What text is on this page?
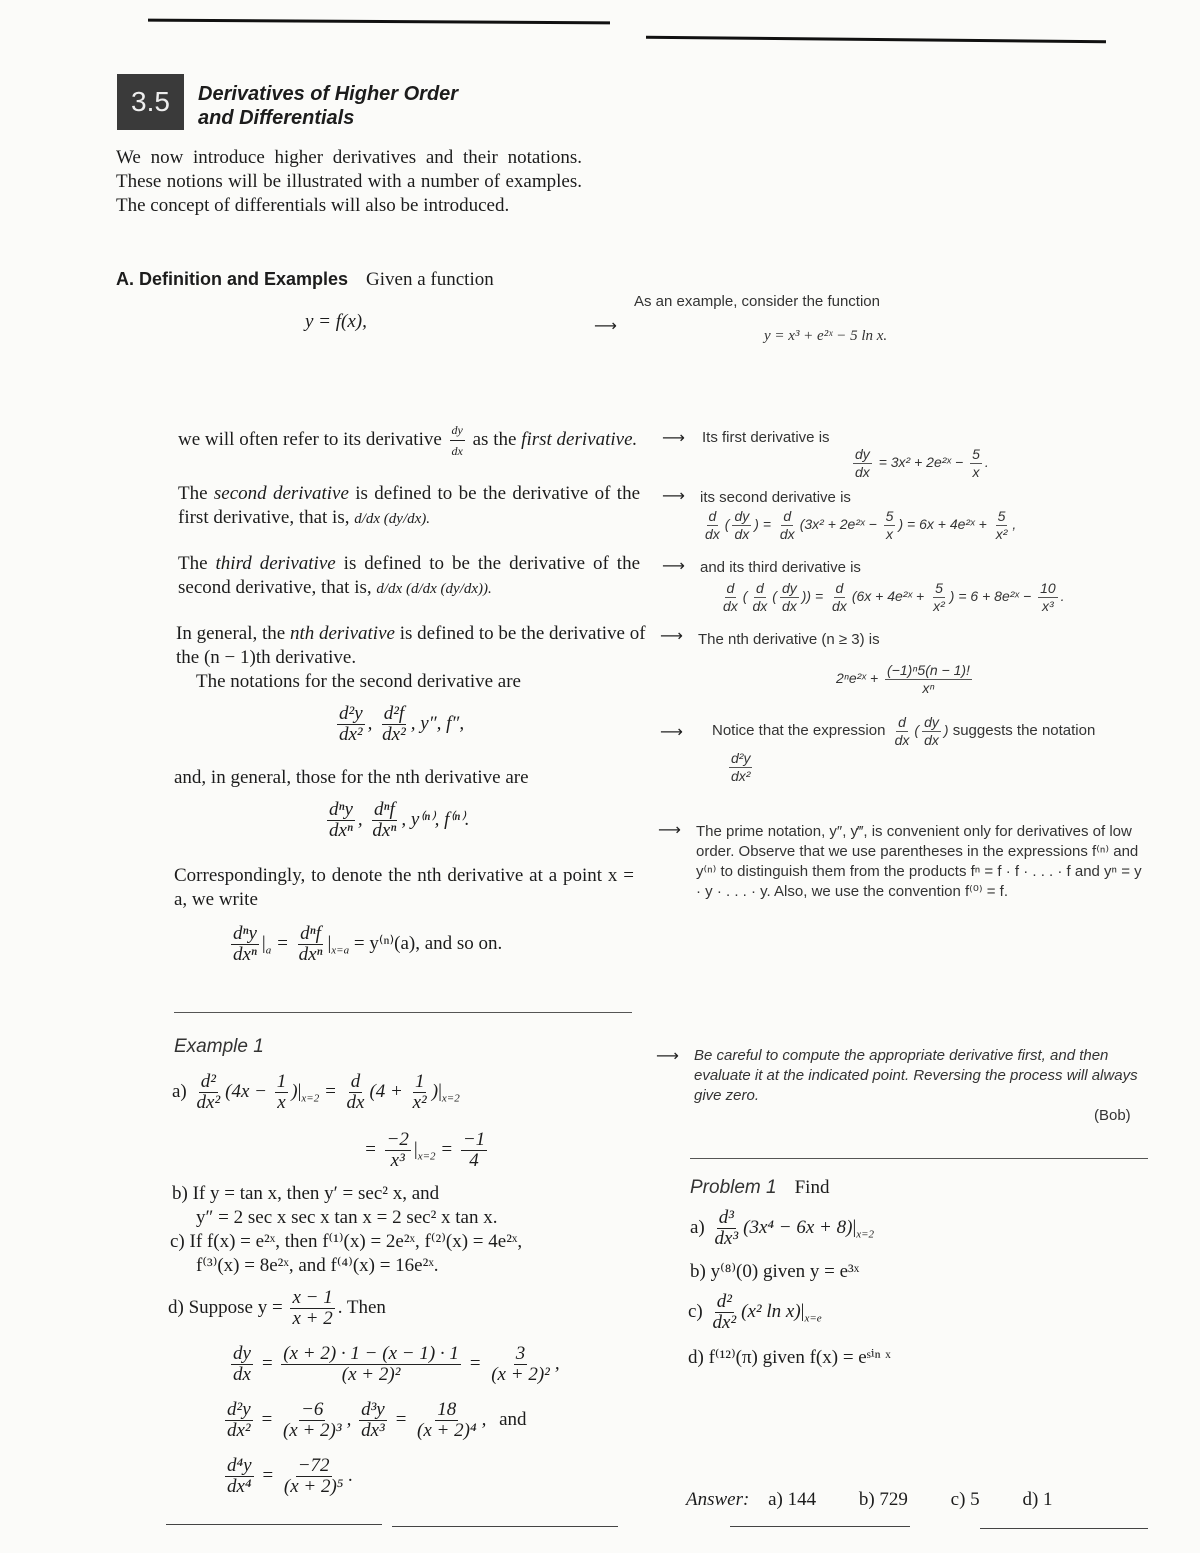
3.5 Derivatives of Higher Order
and Differentials
We now introduce higher derivatives and their notations. These notions will be illustrated with a number of examples. The concept of differentials will also be introduced.
A. Definition and Examples Given a function
y = f(x),
As an example, consider the function
y = x³ + e²ˣ − 5 ln x.
⟶
⟶
⟶
⟶
⟶
⟶
⟶
⟶
we will often refer to its derivative $\frac{dy}{dx}$ as the first derivative.	Its first derivative is
$\frac{dy}{dx} = 3x^2$ + 2e²ˣ − $\frac{5}{x}$ .
The second derivative is defined to be the derivative of the first derivative, that is, d/dx (dy/dx).
its second derivative is
$\frac{d}{dx}$ ( $\frac{dy}{dx}$ ) = $\frac{d}{dx} (3x^2$ + 2e²ˣ − $\frac{5}{x}$ ) = 6x + 4e²ˣ + $\frac{5}{\text{x²}}$ ,
The third derivative is defined to be the derivative of the second derivative, that is, d/dx (d/dx (dy/dx)).
and its third derivative is
$\frac{d}{dx}$ ( $\frac{d}{dx}$ ( $\frac{dy}{dx}$ )) = $\frac{d}{dx} (6x$ + 4e²ˣ + $\frac{5}{\text{x²}}$ ) = 6 + 8e²ˣ − $\frac{10}{\text{x³}}$ .
In general, the nth derivative is defined to be the derivative of the (n − 1)th derivative.
The notations for the second derivative are
The nth derivative (n ≥ 3) is
2ⁿe²ˣ + $\frac{\text{(−1)ⁿ5(n − 1)!}}{\text{xⁿ}}$
$\frac{\text{d²y}}{\text{dx²}}$ , $\frac{\text{d²f}}{\text{dx²}}$ , y″, f″,	Notice that the expression $\frac{d}{dx}$ ( $\frac{dy}{dx}$ ) suggests the notation
$\frac{\text{d²y}}{\text{dx²}}$
and, in general, those for the nth derivative are
$\frac{\text{dⁿy}}{\text{dxⁿ}}$ , $\frac{\text{dⁿf}}{\text{dxⁿ}}$ , y⁽ⁿ⁾, f⁽ⁿ⁾.
The prime notation, y″, y‴, is convenient only for derivatives of low order. Observe that we use parentheses in the expressions f⁽ⁿ⁾ and y⁽ⁿ⁾ to distinguish them from the products fⁿ = f · f · . . . · f and yⁿ = y · y · . . . · y. Also, we use the convention f⁽⁰⁾ = f.
Correspondingly, to denote the nth derivative at a point x = a, we write
$\frac{\text{dⁿy}}{\text{dxⁿ}} |_a = \frac{\text{dⁿf}}{\text{dxⁿ}} |_{x=a} = y^{(n)}(a)$, and so on.
Example 1
$a) \frac{\text{d²}}{\text{dx²}} (4x - \frac{1}{x} )|_{x=2} = \frac{d}{dx} (4 + \frac{1}{\text{x²}} )|_{x=2}$
= $\frac{-2}{\text{x³}} |_{x=2} = \frac{-1}{4}$
b) If y = tan x, then y′ = sec² x, and
y″ = 2 sec x sec x tan x = 2 sec² x tan x.
c) If f(x) = e²ˣ, then f⁽¹⁾(x) = 2e²ˣ, f⁽²⁾(x) = 4e²ˣ,
f⁽³⁾(x) = 8e²ˣ, and f⁽⁴⁾(x) = 16e²ˣ.
d) Suppose $y = \frac{x - 1}{x + 2}$ . Then
$\frac{dy}{dx} = \frac{(x + 2) \cdot 1 - (x - 1) \cdot 1}{\text{(x + 2)²}} = \frac{3}{\text{(x + 2)²}}$ ,
$\frac{\text{d²y}}{\text{dx²}} = \frac{-6}{\text{(x + 2)³}}$ , $\frac{\text{d³y}}{\text{dx³}} = \frac{18}{\text{(x + 2)⁴}}$ , and
$\frac{\text{d⁴y}}{\text{dx⁴}} = \frac{-72}{\text{(x + 2)⁵}}$ .
Be careful to compute the appropriate derivative first, and then evaluate it at the indicated point. Reversing the process will always give zero.
(Bob)
Problem 1 Find
$a) \frac{\text{d³}}{\text{dx³}} (3x^4 - 6x + 8)|_{x=2}$
b) y⁽⁸⁾(0) given y = e³ˣ
$c) \frac{\text{d²}}{\text{dx²}} (x^2$ $\ln x)|_{x=e}$
d) f⁽¹²⁾(π) given f(x) = eˢⁱⁿ ˣ
Answer: a) 144 b) 729 c) 5 d) 1
